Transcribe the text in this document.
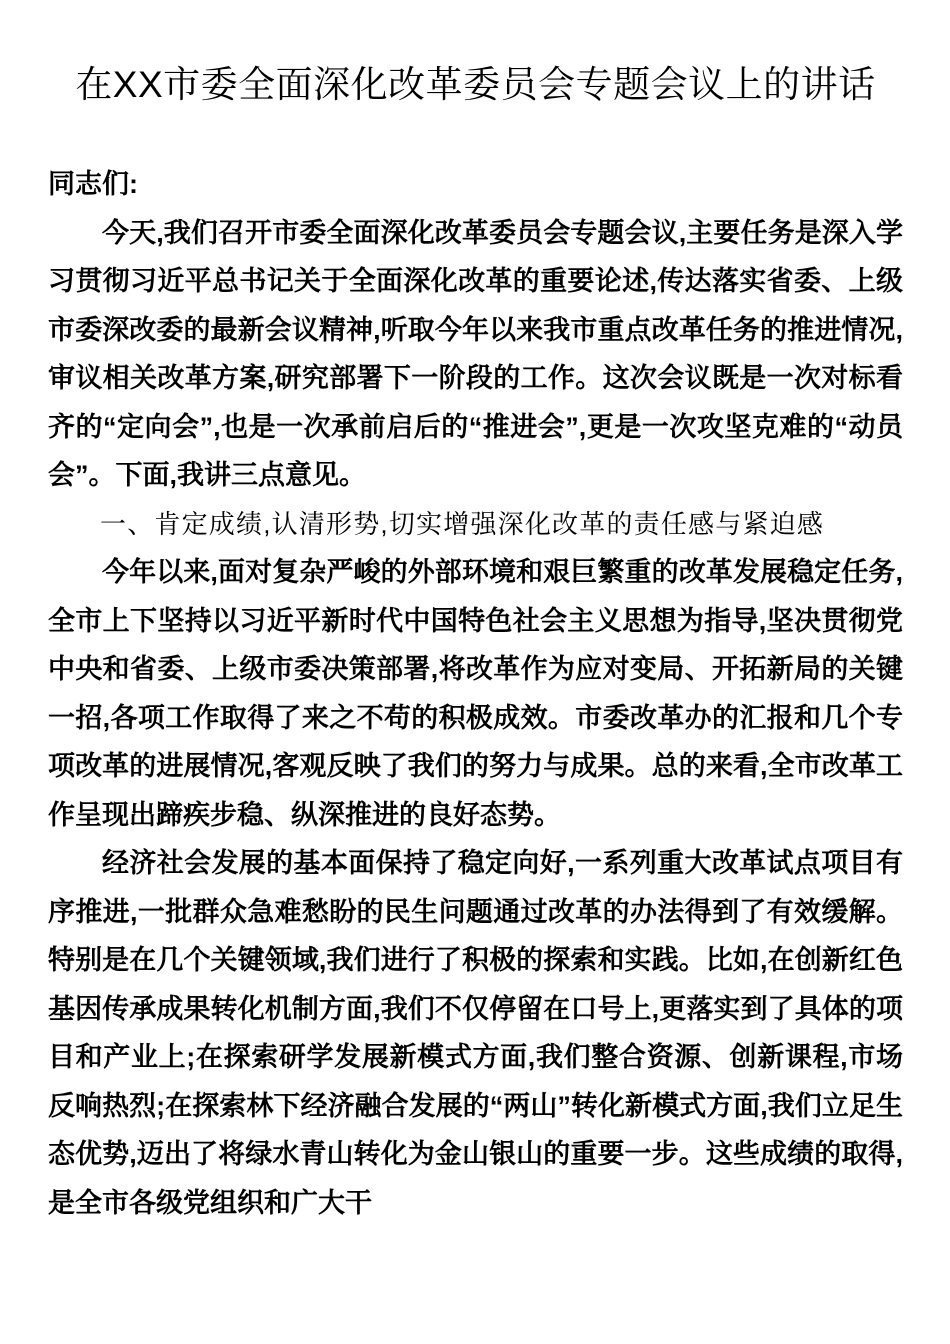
在XX市委全面深化改革委员会专题会议上的讲话

同志们:

今天,我们召开市委全面深化改革委员会专题会议,主要任务是深入学习贯彻习近平总书记关于全面深化改革的重要论述,传达落实省委、上级市委深改委的最新会议精神,听取今年以来我市重点改革任务的推进情况,审议相关改革方案,研究部署下一阶段的工作。这次会议既是一次对标看齐的“定向会”,也是一次承前启后的“推进会”,更是一次攻坚克难的“动员会”。下面,我讲三点意见。

一、肯定成绩,认清形势,切实增强深化改革的责任感与紧迫感

今年以来,面对复杂严峻的外部环境和艰巨繁重的改革发展稳定任务,全市上下坚持以习近平新时代中国特色社会主义思想为指导,坚决贯彻党中央和省委、上级市委决策部署,将改革作为应对变局、开拓新局的关键一招,各项工作取得了来之不苟的积极成效。市委改革办的汇报和几个专项改革的进展情况,客观反映了我们的努力与成果。总的来看,全市改革工作呈现出蹄疾步稳、纵深推进的良好态势。

经济社会发展的基本面保持了稳定向好,一系列重大改革试点项目有序推进,一批群众急难愁盼的民生问题通过改革的办法得到了有效缓解。特别是在几个关键领域,我们进行了积极的探索和实践。比如,在创新红色基因传承成果转化机制方面,我们不仅停留在口号上,更落实到了具体的项目和产业上;在探索研学发展新模式方面,我们整合资源、创新课程,市场反响热烈;在探索林下经济融合发展的“两山”转化新模式方面,我们立足生态优势,迈出了将绿水青山转化为金山银山的重要一步。这些成绩的取得,是全市各级党组织和广大干
